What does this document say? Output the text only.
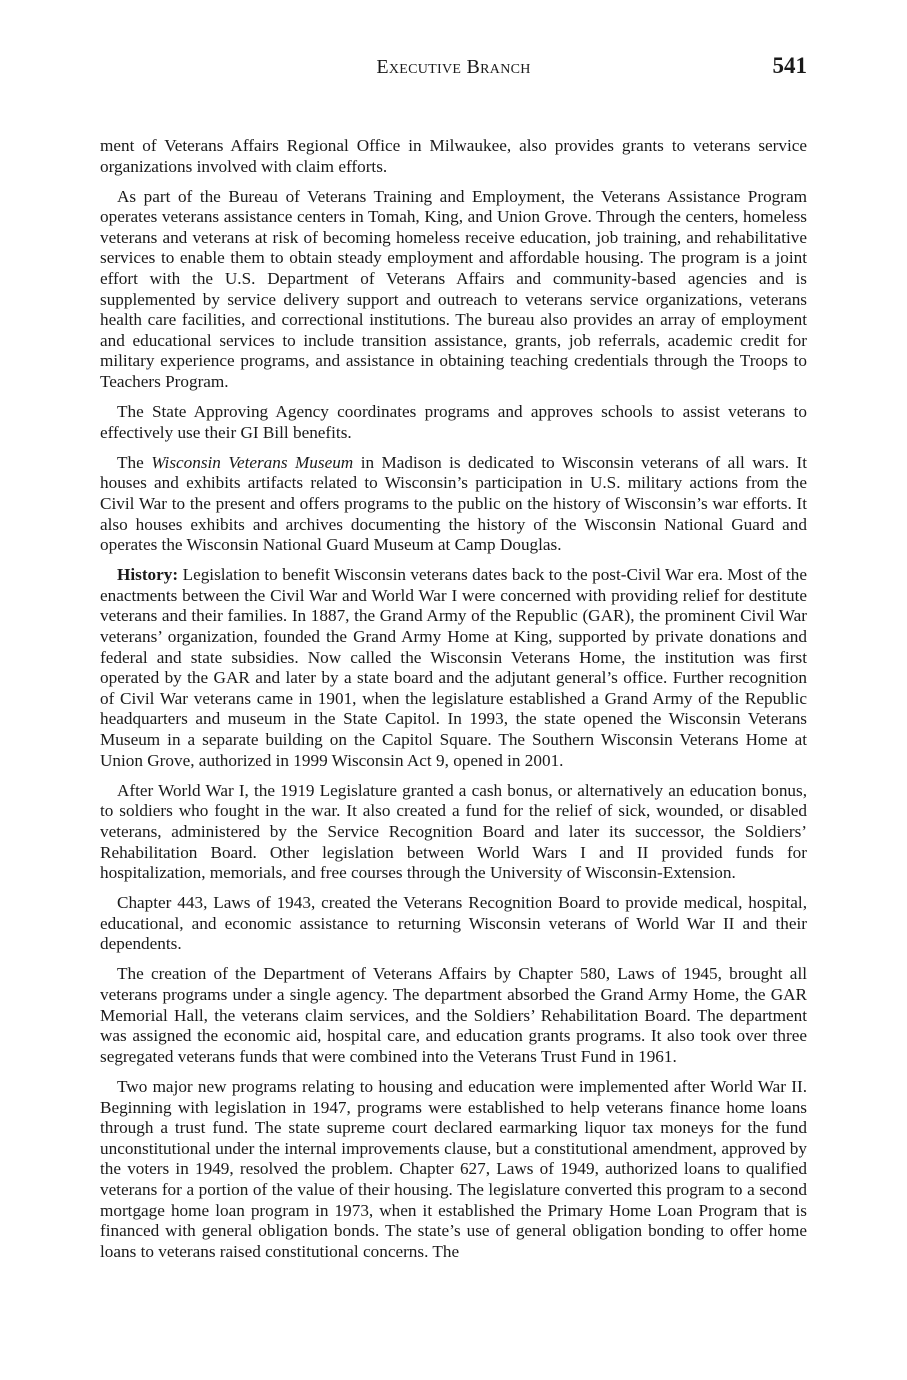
Executive Branch	541

ment of Veterans Affairs Regional Office in Milwaukee, also provides grants to veterans service organizations involved with claim efforts.

As part of the Bureau of Veterans Training and Employment, the Veterans Assistance Program operates veterans assistance centers in Tomah, King, and Union Grove. Through the centers, homeless veterans and veterans at risk of becoming homeless receive education, job training, and rehabilitative services to enable them to obtain steady employment and affordable housing. The program is a joint effort with the U.S. Department of Veterans Affairs and community-based agencies and is supplemented by service delivery support and outreach to veterans service organizations, veterans health care facilities, and correctional institutions. The bureau also provides an array of employment and educational services to include transition assistance, grants, job referrals, academic credit for military experience programs, and assistance in obtaining teaching credentials through the Troops to Teachers Program.

The State Approving Agency coordinates programs and approves schools to assist veterans to effectively use their GI Bill benefits.

The Wisconsin Veterans Museum in Madison is dedicated to Wisconsin veterans of all wars. It houses and exhibits artifacts related to Wisconsin’s participation in U.S. military actions from the Civil War to the present and offers programs to the public on the history of Wisconsin’s war efforts. It also houses exhibits and archives documenting the history of the Wisconsin National Guard and operates the Wisconsin National Guard Museum at Camp Douglas.

History: Legislation to benefit Wisconsin veterans dates back to the post-Civil War era. Most of the enactments between the Civil War and World War I were concerned with providing relief for destitute veterans and their families. In 1887, the Grand Army of the Republic (GAR), the prominent Civil War veterans’ organization, founded the Grand Army Home at King, supported by private donations and federal and state subsidies. Now called the Wisconsin Veterans Home, the institution was first operated by the GAR and later by a state board and the adjutant general’s office. Further recognition of Civil War veterans came in 1901, when the legislature established a Grand Army of the Republic headquarters and museum in the State Capitol. In 1993, the state opened the Wisconsin Veterans Museum in a separate building on the Capitol Square. The Southern Wisconsin Veterans Home at Union Grove, authorized in 1999 Wisconsin Act 9, opened in 2001.

After World War I, the 1919 Legislature granted a cash bonus, or alternatively an education bonus, to soldiers who fought in the war. It also created a fund for the relief of sick, wounded, or disabled veterans, administered by the Service Recognition Board and later its successor, the Soldiers’ Rehabilitation Board. Other legislation between World Wars I and II provided funds for hospitalization, memorials, and free courses through the University of Wisconsin-Extension.

Chapter 443, Laws of 1943, created the Veterans Recognition Board to provide medical, hospital, educational, and economic assistance to returning Wisconsin veterans of World War II and their dependents.

The creation of the Department of Veterans Affairs by Chapter 580, Laws of 1945, brought all veterans programs under a single agency. The department absorbed the Grand Army Home, the GAR Memorial Hall, the veterans claim services, and the Soldiers’ Rehabilitation Board. The department was assigned the economic aid, hospital care, and education grants programs. It also took over three segregated veterans funds that were combined into the Veterans Trust Fund in 1961.

Two major new programs relating to housing and education were implemented after World War II. Beginning with legislation in 1947, programs were established to help veterans finance home loans through a trust fund. The state supreme court declared earmarking liquor tax moneys for the fund unconstitutional under the internal improvements clause, but a constitutional amendment, approved by the voters in 1949, resolved the problem. Chapter 627, Laws of 1949, authorized loans to qualified veterans for a portion of the value of their housing. The legislature converted this program to a second mortgage home loan program in 1973, when it established the Primary Home Loan Program that is financed with general obligation bonds. The state’s use of general obligation bonding to offer home loans to veterans raised constitutional concerns. The
